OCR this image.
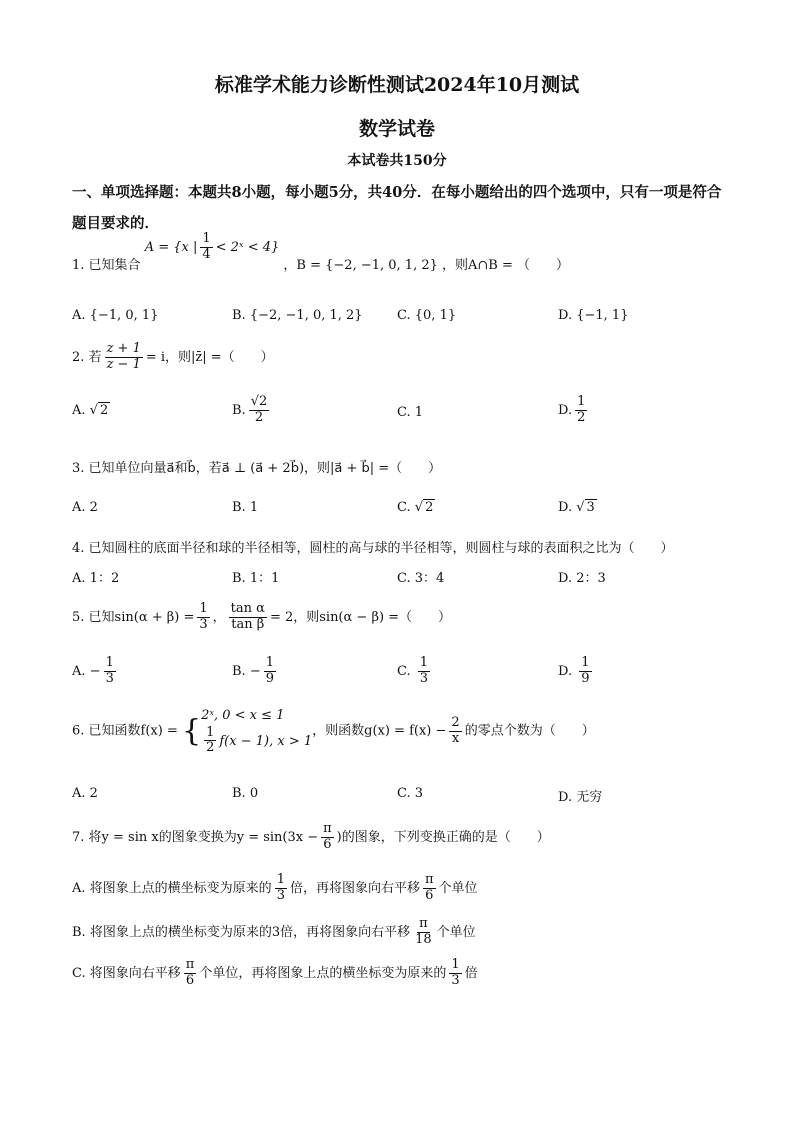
标准学术能力诊断性测试2024年10月测试
数学试卷
本试卷共150分
一、单项选择题：本题共8小题，每小题5分，共40分．在每小题给出的四个选项中，只有一项是符合题目要求的．
1. 已知集合 A = {x | $\frac{1}{4}$ < 2ˣ < 4} ，B = {−2, −1, 0, 1, 2} ，则A∩B = （　　）
A. {−1, 0, 1}	B. {−2, −1, 0, 1, 2}	C. {0, 1}	D. {−1, 1}
2. 若 $\frac{z + 1}{z - 1} = i$，则|z̄| =（　　）
A. √ 2	B. $\frac{√2}{2}$	C. 1	D. $\frac{1}{2}$
3. 已知单位向量a⃗和b⃗，若a⃗ ⊥ (a⃗ + 2b⃗)，则|a⃗ + b⃗| =（　　）
A. 2	B. 1	C. √ 2	D. √ 3
4. 已知圆柱的底面半径和球的半径相等，圆柱的高与球的半径相等，则圆柱与球的表面积之比为（　　）
A. 1：2	B. 1：1	C. 3：4	D. 2：3
5. 已知$\sin(\alpha + \beta) = \frac{1}{3}$ ， $\frac{\text{tan α}}{\text{tan β}} = 2$，则sin(α − β) =（　　）
A. − $\frac{1}{3}$	B. − $\frac{1}{9}$	C. $\frac{1}{3}$	D. $\frac{1}{9}$
6. 已知函数f(x) = { 2ˣ, 0 < x ≤ 1
$\frac{1}{2} f(x - 1)$, x > 1
，则函数$g(x) = f(x) - \frac{2}{x}$ 的零点个数为（　　）
A. 2	B. 0	C. 3	D. 无穷
7. 将y = sin x的图象变换为$y = \sin(3x - \frac{\pi}{6}$ )的图象，下列变换正确的是（　　）
A. 将图象上点的横坐标变为原来的 $\frac{1}{3}$ 倍，再将图象向右平移 $\frac{\pi}{6}$ 个单位
B. 将图象上点的横坐标变为原来的3倍，再将图象向右平移 $\frac{\pi}{18}$ 个单位
C. 将图象向右平移 $\frac{\pi}{6}$ 个单位，再将图象上点的横坐标变为原来的 $\frac{1}{3}$ 倍
